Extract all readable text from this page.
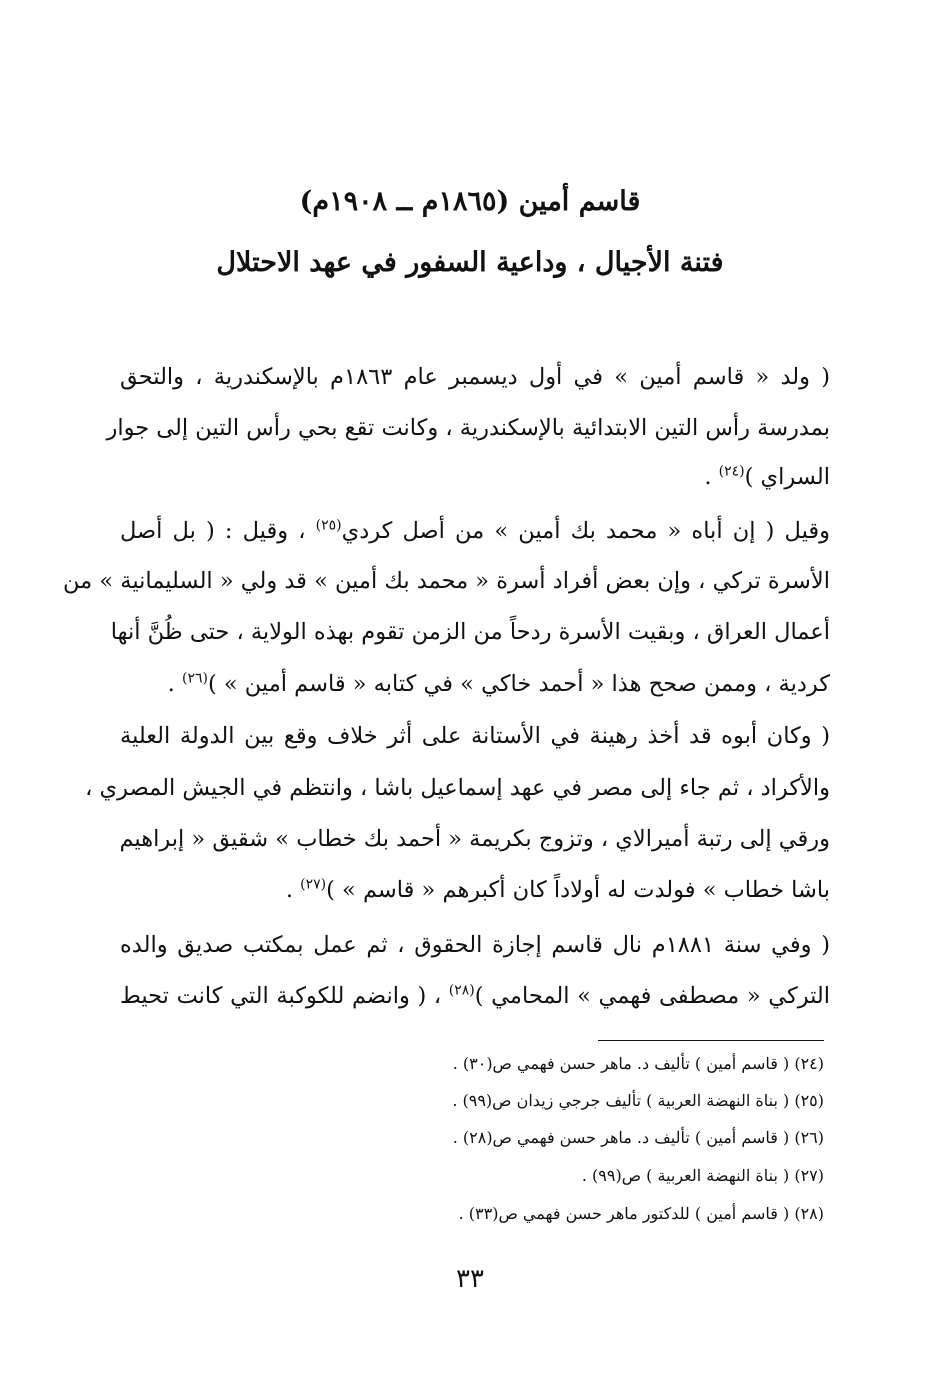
قاسم أمين (١٨٦٥م ــ ١٩٠٨م)
فتنة الأجيال ، وداعية السفور في عهد الاحتلال
( ولد « قاسم أمين » في أول ديسمبر عام ١٨٦٣م بالإسكندرية ، والتحق
بمدرسة رأس التين الابتدائية بالإسكندرية ، وكانت تقع بحي رأس التين إلى جوار
السراي )$^{(٢٤)}$ .
وقيل ( إن أباه « محمد بك أمين » من أصل كردي$^{(٢٥)}$ ، وقيل : ( بل أصل
الأسرة تركي ، وإن بعض أفراد أسرة « محمد بك أمين » قد ولي « السليمانية » من
أعمال العراق ، وبقيت الأسرة ردحاً من الزمن تقوم بهذه الولاية ، حتى ظُنَّ أنها
كردية ، وممن صحح هذا « أحمد خاكي » في كتابه « قاسم أمين » )$^{(٢٦)}$ .
( وكان أبوه قد أخذ رهينة في الأستانة على أثر خلاف وقع بين الدولة العلية
والأكراد ، ثم جاء إلى مصر في عهد إسماعيل باشا ، وانتظم في الجيش المصري ،
ورقي إلى رتبة أميرالاي ، وتزوج بكريمة « أحمد بك خطاب » شقيق « إبراهيم
باشا خطاب » فولدت له أولاداً كان أكبرهم « قاسم » )$^{(٢٧)}$ .
( وفي سنة ١٨٨١م نال قاسم إجازة الحقوق ، ثم عمل بمكتب صديق والده
التركي « مصطفى فهمي » المحامي )$^{(٢٨)}$ ، ( وانضم للكوكبة التي كانت تحيط
(٢٤) ( قاسم أمين ) تأليف د. ماهر حسن فهمي ص(٣٠) .
(٢٥) ( بناة النهضة العربية ) تأليف جرجي زيدان ص(٩٩) .
(٢٦) ( قاسم أمين ) تأليف د. ماهر حسن فهمي ص(٢٨) .
(٢٧) ( بناة النهضة العربية ) ص(٩٩) .
(٢٨) ( قاسم أمين ) للدكتور ماهر حسن فهمي ص(٣٣) .
٣٣
